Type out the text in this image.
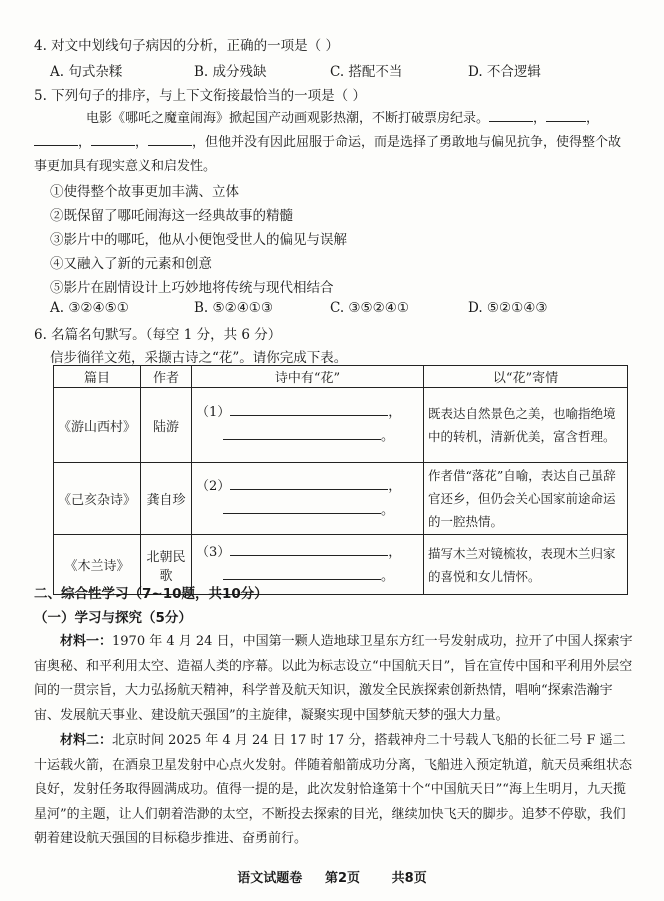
4. 对文中划线句子病因的分析，正确的一项是（ ）
A. 句式杂糅	B. 成分残缺	C. 搭配不当	D. 不合逻辑
5. 下列句子的排序，与上下文衔接最恰当的一项是（ ）
电影《哪吒之魔童闹海》掀起国产动画观影热潮，不断打破票房纪录。	，	，，	，	，但他并没有因此屈服于命运，而是选择了勇敢地与偏见抗争，使得整个故事更加具有现实意义和启发性。
①使得整个故事更加丰满、立体
②既保留了哪吒闹海这一经典故事的精髓
③影片中的哪吒，他从小便饱受世人的偏见与误解
④又融入了新的元素和创意
⑤影片在剧情设计上巧妙地将传统与现代相结合
A. ③②④⑤①	B. ⑤②④①③	C. ③⑤②④①	D. ⑤②①④③
6. 名篇名句默写。（每空 1 分，共 6 分）
信步徜徉文苑，采撷古诗之“花”。请你完成下表。
篇目	作者	诗中有“花”	以“花”寄情
《游山西村》	陆游	（1） ，
。	既表达自然景色之美，也喻指绝境中的转机，清新优美，富含哲理。
《己亥杂诗》	龚自珍	（2） ，
。	作者借“落花”自喻，表达自己虽辞官还乡，但仍会关心国家前途命运的一腔热情。
《木兰诗》	北朝民歌	（3） ，
。	描写木兰对镜梳妆，表现木兰归家的喜悦和女儿情怀。
二、综合性学习（7~10题，共10分）
（一）学习与探究（5分）
材料一：1970 年 4 月 24 日，中国第一颗人造地球卫星东方红一号发射成功，拉开了中国人探索宇宙奥秘、和平利用太空、造福人类的序幕。以此为标志设立“中国航天日”，旨在宣传中国和平利用外层空间的一贯宗旨，大力弘扬航天精神，科学普及航天知识，激发全民族探索创新热情，唱响“探索浩瀚宇宙、发展航天事业、建设航天强国”的主旋律，凝聚实现中国梦航天梦的强大力量。
材料二：北京时间 2025 年 4 月 24 日 17 时 17 分，搭载神舟二十号载人飞船的长征二号 F 遥二十运载火箭，在酒泉卫星发射中心点火发射。伴随着船箭成功分离，飞船进入预定轨道，航天员乘组状态良好，发射任务取得圆满成功。值得一提的是，此次发射恰逢第十个“中国航天日”“海上生明月，九天揽星河”的主题，让人们朝着浩渺的太空，不断投去探索的目光，继续加快飞天的脚步。追梦不停歇，我们朝着建设航天强国的目标稳步推进、奋勇前行。
语文试题卷 第2页 共8页
